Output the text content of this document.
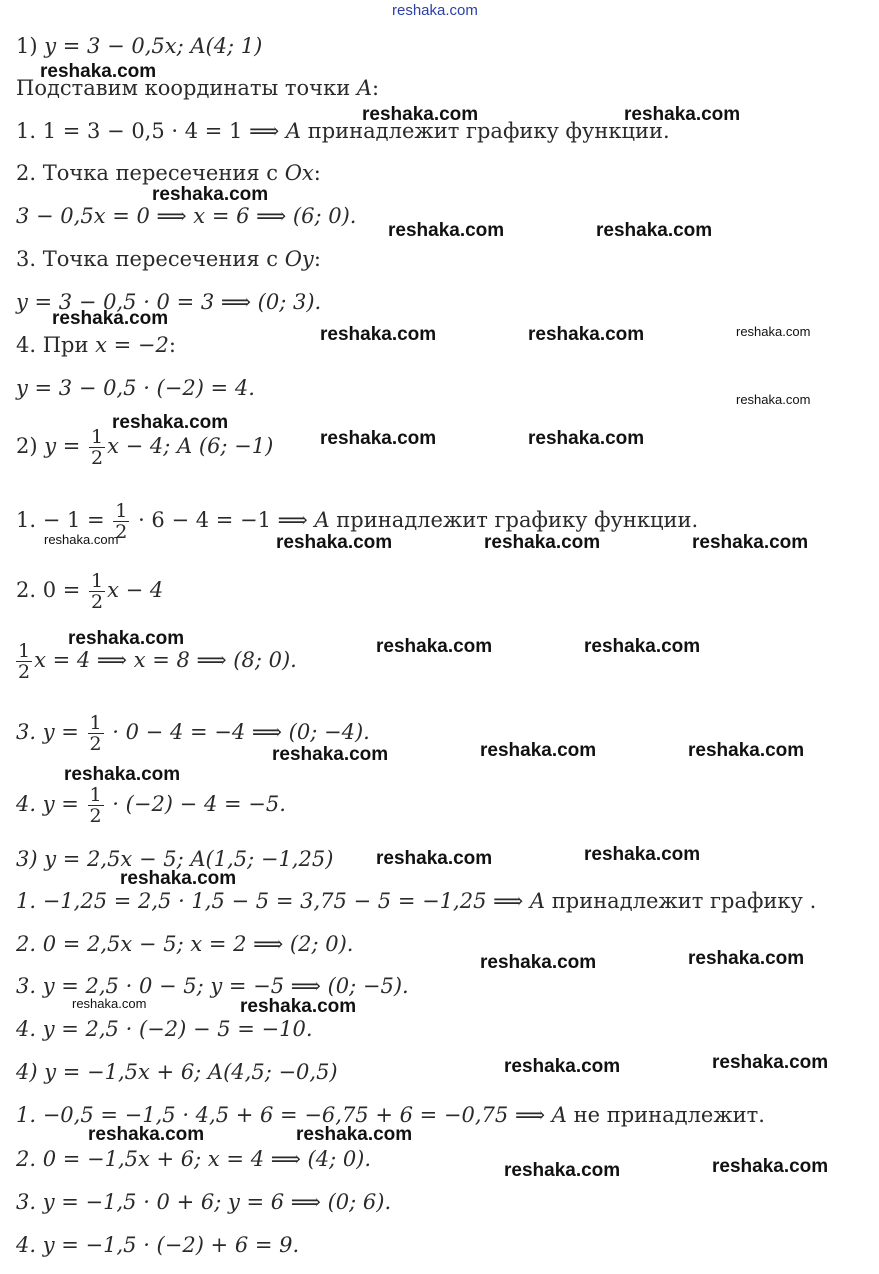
reshaka.com
1) y = 3 − 0,5x; A(4; 1)
Подставим координаты точки A:
1. 1 = 3 − 0,5 · 4 = 1 ⟹ A принадлежит графику функции.
2. Точка пересечения с Ox:
3 − 0,5x = 0 ⟹ x = 6 ⟹ (6; 0).
3. Точка пересечения с Oy:
y = 3 − 0,5 · 0 = 3 ⟹ (0; 3).
4. При x = −2:
y = 3 − 0,5 · (−2) = 4.
2) $y = \frac{1}{2}$ x − 4; A (6; −1)
1. − $1 = \frac{1}{2} \cdot 6 - 4 = -1$ ⟹ A принадлежит графику функции.
2. $0 = \frac{1}{2}$ x − 4
$\frac{1}{2}$ x = 4 ⟹ x = 8 ⟹ (8; 0).
3. $y = \frac{1}{2} \cdot 0 - 4 = -4$ ⟹ (0; −4).
4. $y = \frac{1}{2} \cdot (-2) - 4 = -5$.
3) y = 2,5x − 5; A(1,5; −1,25)
1. −1,25 = 2,5 · 1,5 − 5 = 3,75 − 5 = −1,25 ⟹ A принадлежит графику .
2. 0 = 2,5x − 5; x = 2 ⟹ (2; 0).
3. y = 2,5 · 0 − 5; y = −5 ⟹ (0; −5).
4. y = 2,5 · (−2) − 5 = −10.
4) y = −1,5x + 6; A(4,5; −0,5)
1. −0,5 = −1,5 · 4,5 + 6 = −6,75 + 6 = −0,75 ⟹ A не принадлежит.
2. 0 = −1,5x + 6; x = 4 ⟹ (4; 0).
3. y = −1,5 · 0 + 6; y = 6 ⟹ (0; 6).
4. y = −1,5 · (−2) + 6 = 9.
reshaka.com
reshaka.com	reshaka.com
reshaka.com
reshaka.com	reshaka.com
reshaka.com
reshaka.com	reshaka.com	reshaka.com
reshaka.com
reshaka.com
reshaka.com	reshaka.com
reshaka.com	reshaka.com	reshaka.com	reshaka.com
reshaka.com	reshaka.com	reshaka.com
reshaka.com	reshaka.com	reshaka.com
reshaka.com
reshaka.com	reshaka.com
reshaka.com
reshaka.com	reshaka.com
reshaka.com	reshaka.com
reshaka.com	reshaka.com
reshaka.com	reshaka.com
reshaka.com	reshaka.com
